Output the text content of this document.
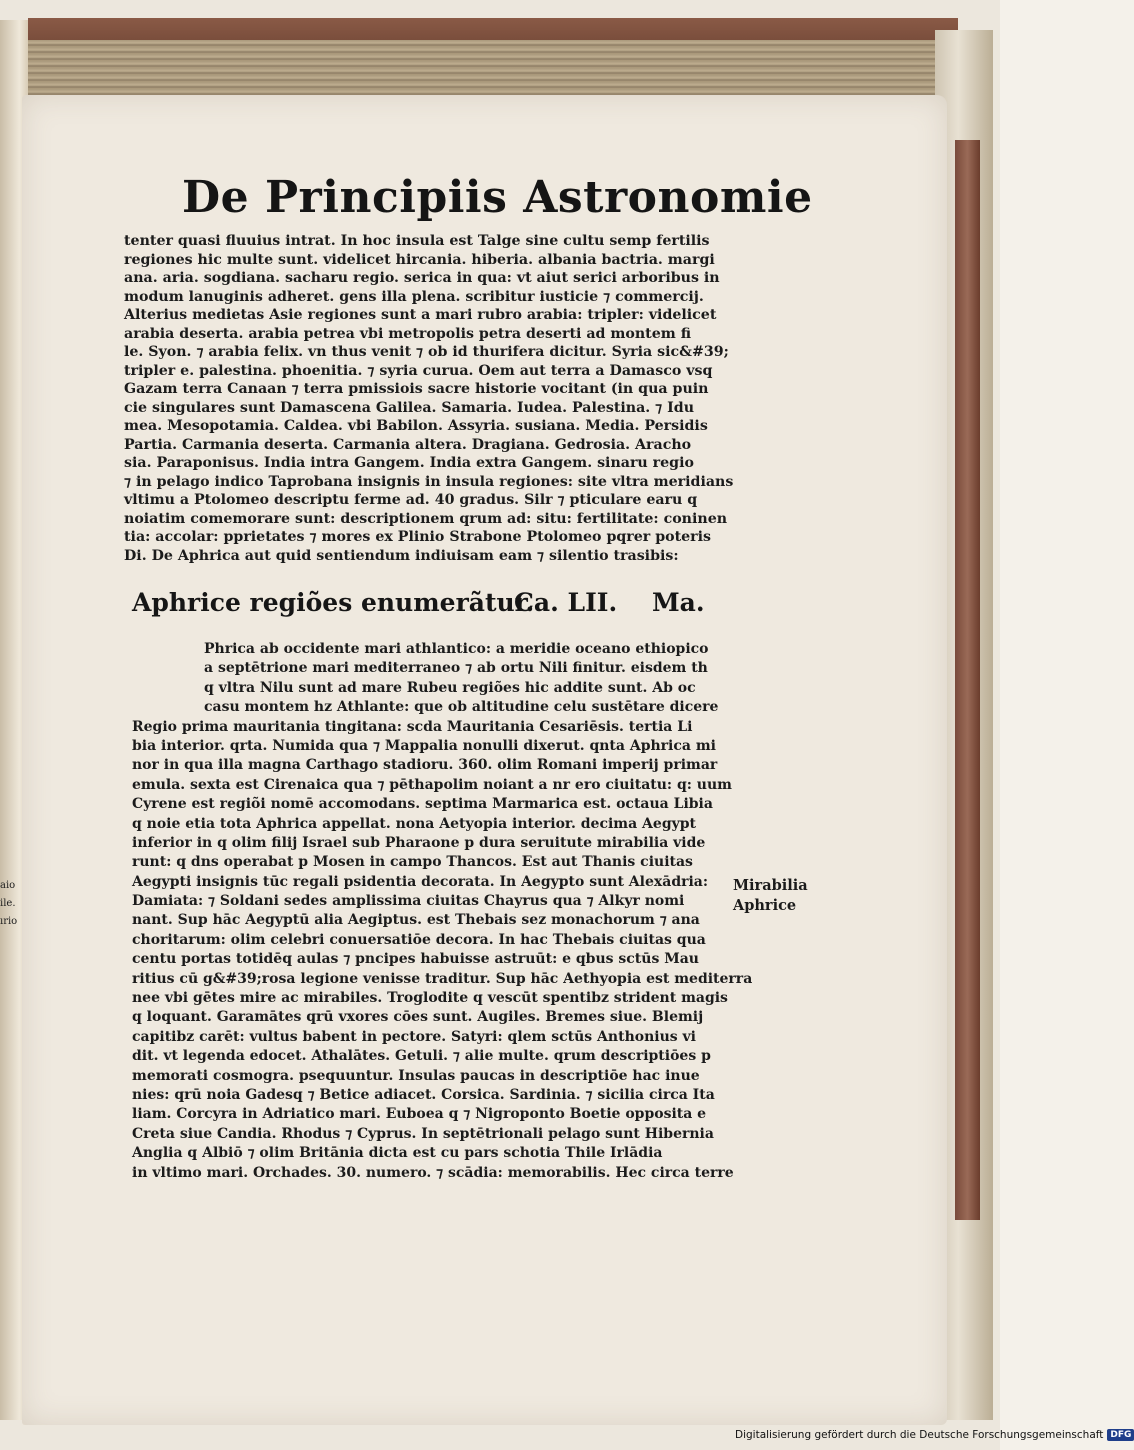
aio
ile.
ırio
De Principiis Astronomie
tenter quasi fluuius intrat. In hoc insula est Talge sine cultu semp fertilis
regiones hic multe sunt. videlicet hircania. hiberia. albania bactria. margi
ana. aria. sogdiana. sacharu regio. serica in qua: vt aiut serici arboribus in
modum lanuginis adheret. gens illa plena. scribitur iusticie ⁊ commercij.
Alterius medietas Asie regiones sunt a mari rubro arabia: tripler: videlicet
arabia deserta. arabia petrea vbi metropolis petra deserti ad montem fi
le. Syon. ⁊ arabia felix. vn thus venit ⁊ ob id thurifera dicitur. Syria sic&#39;
tripler e. palestina. phoenitia. ⁊ syria curua. Oem aut terra a Damasco vsq
Gazam terra Canaan ⁊ terra pmissiois sacre historie vocitant (in qua puin
cie singulares sunt Damascena Galilea. Samaria. Iudea. Palestina. ⁊ Idu
mea. Mesopotamia. Caldea. vbi Babilon. Assyria. susiana. Media. Persidis
Partia. Carmania deserta. Carmania altera. Dragiana. Gedrosia. Aracho
sia. Paraponisus. India intra Gangem. India extra Gangem. sinaru regio
⁊ in pelago indico Taprobana insignis in insula regiones: site vltra meridians
vltimu a Ptolomeo descriptu ferme ad. 40 gradus. Silr ⁊ pticulare earu q
noiatim comemorare sunt: descriptionem qrum ad: situ: fertilitate: coninen
tia: accolar: pprietates ⁊ mores ex Plinio Strabone Ptolomeo pqrer poteris
Di. De Aphrica aut quid sentiendum indiuisam eam ⁊ silentio trasibis:
Aphrice regiões enumerãtur.
Ca. LII. Ma.
Phrica ab occidente mari athlantico: a meridie oceano ethiopico
a septētrione mari mediterraneo ⁊ ab ortu Nili finitur. eisdem th
q vltra Nilu sunt ad mare Rubeu regiões hic addite sunt. Ab oc
casu montem hz Athlante: que ob altitudine celu sustētare dicere
Regio prima mauritania tingitana: scda Mauritania Cesariēsis. tertia Li
bia interior. qrta. Numida qua ⁊ Mappalia nonulli dixerut. qnta Aphrica mi
nor in qua illa magna Carthago stadioru. 360. olim Romani imperij primar
emula. sexta est Cirenaica qua ⁊ pēthapolim noiant a nr ero ciuitatu: q: uum
Cyrene est regiõi nomē accomodans. septima Marmarica est. octaua Libia
q noie etia tota Aphrica appellat. nona Aetyopia interior. decima Aegypt
inferior in q olim filij Israel sub Pharaone p dura seruitute mirabilia vide
runt: q dns operabat p Mosen in campo Thancos. Est aut Thanis ciuitas
Aegypti insignis tūc regali psidentia decorata. In Aegypto sunt Alexādria:
Damiata: ⁊ Soldani sedes amplissima ciuitas Chayrus qua ⁊ Alkyr nomi
nant. Sup hāc Aegyptū alia Aegiptus. est Thebais sez monachorum ⁊ ana
choritarum: olim celebri conuersatiōe decora. In hac Thebais ciuitas qua
centu portas totidēq aulas ⁊ pncipes habuisse astruūt: e qbus sctūs Mau
ritius cū g&#39;rosa legione venisse traditur. Sup hāc Aethyopia est mediterra
nee vbi gētes mire ac mirabiles. Troglodite q vescūt spentibz strident magis
q loquant. Garamātes qrū vxores cōes sunt. Augiles. Bremes siue. Blemij
capitibz carēt: vultus babent in pectore. Satyri: qlem sctūs Anthonius vi
dit. vt legenda edocet. Athalātes. Getuli. ⁊ alie multe. qrum descriptiōes p
memorati cosmogra. psequuntur. Insulas paucas in descriptiōe hac inue
nies: qrū noia Gadesq ⁊ Betice adiacet. Corsica. Sardinia. ⁊ sicilia circa Ita
liam. Corcyra in Adriatico mari. Euboea q ⁊ Nigroponto Boetie opposita e
Creta siue Candia. Rhodus ⁊ Cyprus. In septētrionali pelago sunt Hibernia
Anglia q Albiō ⁊ olim Britānia dicta est cu pars schotia Thile Irlādia
in vltimo mari. Orchades. 30. numero. ⁊ scādia: memorabilis. Hec circa terre
Mirabilia
Aphrice
Digitalisierung gefördert durch die Deutsche Forschungsgemeinschaft DFG
